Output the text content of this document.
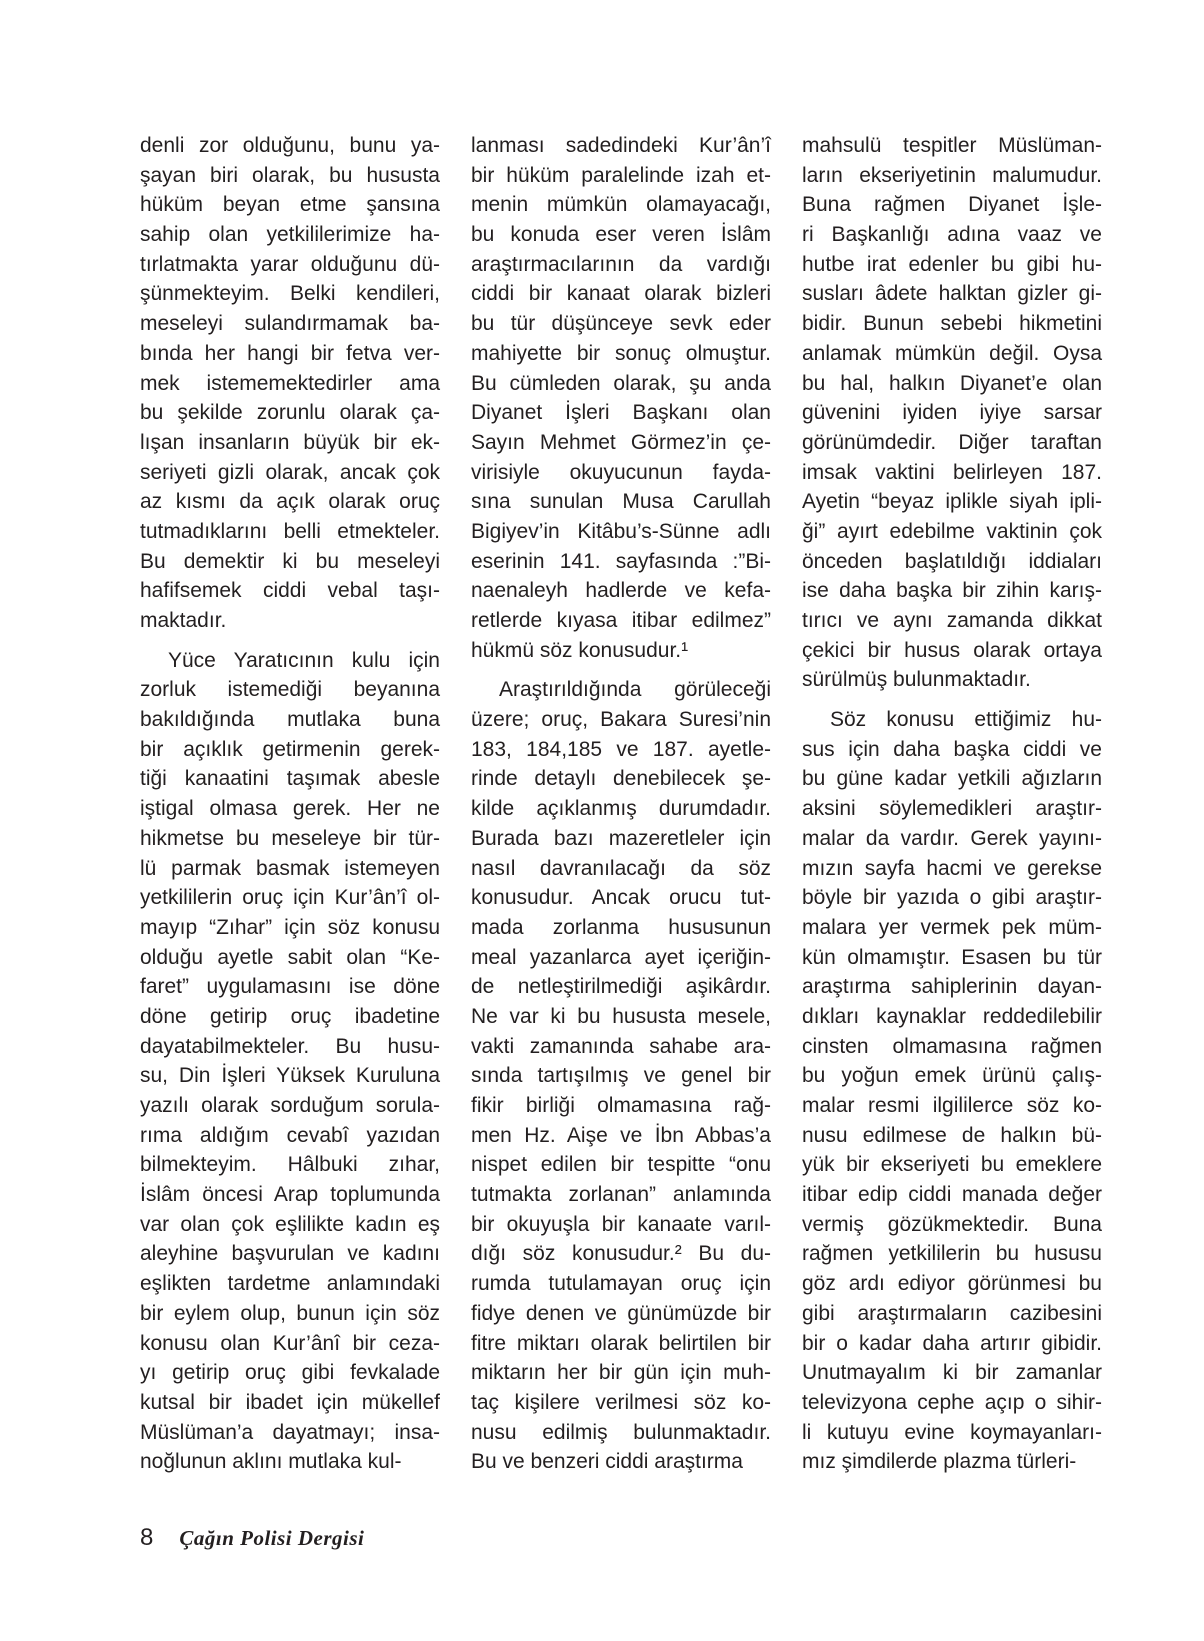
denli zor olduğunu, bunu ya-
şayan biri olarak, bu hususta
hüküm beyan etme şansına
sahip olan yetkililerimize ha-
tırlatmakta yarar olduğunu dü-
şünmekteyim. Belki kendileri,
meseleyi sulandırmamak ba-
bında her hangi bir fetva ver-
mek istememektedirler ama
bu şekilde zorunlu olarak ça-
lışan insanların büyük bir ek-
seriyeti gizli olarak, ancak çok
az kısmı da açık olarak oruç
tutmadıklarını belli etmekteler.
Bu demektir ki bu meseleyi
hafifsemek ciddi vebal taşı-
maktadır.

Yüce Yaratıcının kulu için
zorluk istemediği beyanına
bakıldığında mutlaka buna
bir açıklık getirmenin gerek-
tiği kanaatini taşımak abesle
iştigal olmasa gerek. Her ne
hikmetse bu meseleye bir tür-
lü parmak basmak istemeyen
yetkililerin oruç için Kur’ân’î ol-
mayıp “Zıhar” için söz konusu
olduğu ayetle sabit olan “Ke-
faret” uygulamasını ise döne
döne getirip oruç ibadetine
dayatabilmekteler. Bu husu-
su, Din İşleri Yüksek Kuruluna
yazılı olarak sorduğum sorula-
rıma aldığım cevabî yazıdan
bilmekteyim. Hâlbuki zıhar,
İslâm öncesi Arap toplumunda
var olan çok eşlilikte kadın eş
aleyhine başvurulan ve kadını
eşlikten tardetme anlamındaki
bir eylem olup, bunun için söz
konusu olan Kur’ânî bir ceza-
yı getirip oruç gibi fevkalade
kutsal bir ibadet için mükellef
Müslüman’a dayatmayı; insa-
noğlunun aklını mutlaka kul-

lanması sadedindeki Kur’ân’î
bir hüküm paralelinde izah et-
menin mümkün olamayacağı,
bu konuda eser veren İslâm
araştırmacılarının da vardığı
ciddi bir kanaat olarak bizleri
bu tür düşünceye sevk eder
mahiyette bir sonuç olmuştur.
Bu cümleden olarak, şu anda
Diyanet İşleri Başkanı olan
Sayın Mehmet Görmez’in çe-
virisiyle okuyucunun fayda-
sına sunulan Musa Carullah
Bigiyev’in Kitâbu’s-Sünne adlı
eserinin 141. sayfasında :”Bi-
naenaleyh hadlerde ve kefa-
retlerde kıyasa itibar edilmez”
hükmü söz konusudur.¹

Araştırıldığında görüleceği
üzere; oruç, Bakara Suresi’nin
183, 184,185 ve 187. ayetle-
rinde detaylı denebilecek şe-
kilde açıklanmış durumdadır.
Burada bazı mazeretleler için
nasıl davranılacağı da söz
konusudur. Ancak orucu tut-
mada zorlanma hususunun
meal yazanlarca ayet içeriğin-
de netleştirilmediği aşikârdır.
Ne var ki bu hususta mesele,
vakti zamanında sahabe ara-
sında tartışılmış ve genel bir
fikir birliği olmamasına rağ-
men Hz. Aişe ve İbn Abbas’a
nispet edilen bir tespitte “onu
tutmakta zorlanan” anlamında
bir okuyuşla bir kanaate varıl-
dığı söz konusudur.² Bu du-
rumda tutulamayan oruç için
fidye denen ve günümüzde bir
fitre miktarı olarak belirtilen bir
miktarın her bir gün için muh-
taç kişilere verilmesi söz ko-
nusu edilmiş bulunmaktadır.
Bu ve benzeri ciddi araştırma

mahsulü tespitler Müslüman-
ların ekseriyetinin malumudur.
Buna rağmen Diyanet İşle-
ri Başkanlığı adına vaaz ve
hutbe irat edenler bu gibi hu-
susları âdete halktan gizler gi-
bidir. Bunun sebebi hikmetini
anlamak mümkün değil. Oysa
bu hal, halkın Diyanet’e olan
güvenini iyiden iyiye sarsar
görünümdedir. Diğer taraftan
imsak vaktini belirleyen 187.
Ayetin “beyaz iplikle siyah ipli-
ği” ayırt edebilme vaktinin çok
önceden başlatıldığı iddiaları
ise daha başka bir zihin karış-
tırıcı ve aynı zamanda dikkat
çekici bir husus olarak ortaya
sürülmüş bulunmaktadır.

Söz konusu ettiğimiz hu-
sus için daha başka ciddi ve
bu güne kadar yetkili ağızların
aksini söylemedikleri araştır-
malar da vardır. Gerek yayını-
mızın sayfa hacmi ve gerekse
böyle bir yazıda o gibi araştır-
malara yer vermek pek müm-
kün olmamıştır. Esasen bu tür
araştırma sahiplerinin dayan-
dıkları kaynaklar reddedilebilir
cinsten olmamasına rağmen
bu yoğun emek ürünü çalış-
malar resmi ilgililerce söz ko-
nusu edilmese de halkın bü-
yük bir ekseriyeti bu emeklere
itibar edip ciddi manada değer
vermiş gözükmektedir. Buna
rağmen yetkililerin bu hususu
göz ardı ediyor görünmesi bu
gibi araştırmaların cazibesini
bir o kadar daha artırır gibidir.
Unutmayalım ki bir zamanlar
televizyona cephe açıp o sihir-
li kutuyu evine koymayanları-
mız şimdilerde plazma türleri-

8 Çağın Polisi Dergisi
